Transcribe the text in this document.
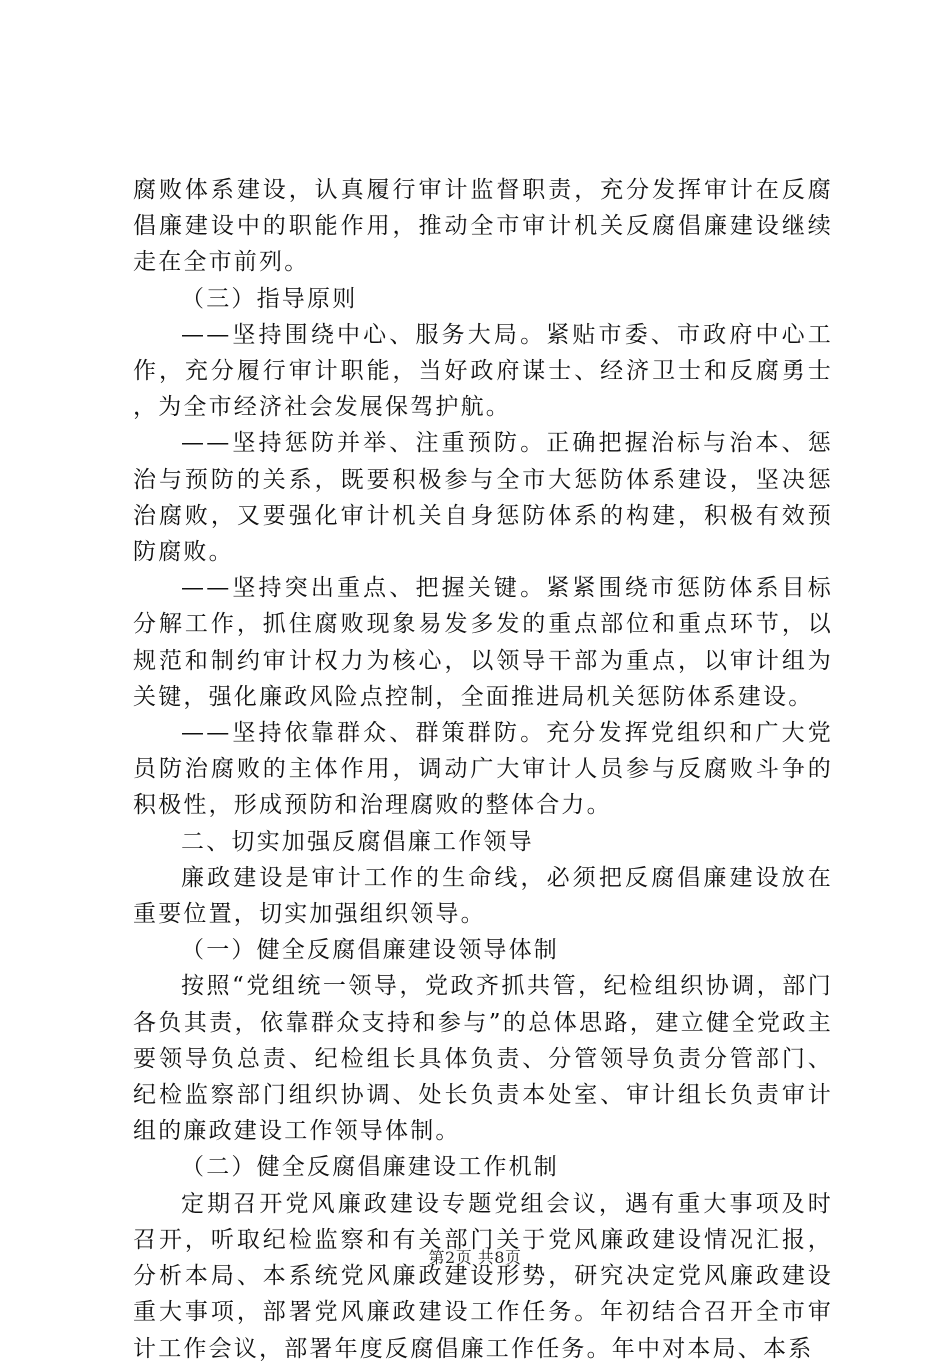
腐败体系建设，认真履行审计监督职责，充分发挥审计在反腐倡廉建设中的职能作用，推动全市审计机关反腐倡廉建设继续走在全市前列。

（三）指导原则

——坚持围绕中心、服务大局。紧贴市委、市政府中心工作，充分履行审计职能，当好政府谋士、经济卫士和反腐勇士，为全市经济社会发展保驾护航。

——坚持惩防并举、注重预防。正确把握治标与治本、惩治与预防的关系，既要积极参与全市大惩防体系建设，坚决惩治腐败，又要强化审计机关自身惩防体系的构建，积极有效预防腐败。

——坚持突出重点、把握关键。紧紧围绕市惩防体系目标分解工作，抓住腐败现象易发多发的重点部位和重点环节，以规范和制约审计权力为核心，以领导干部为重点，以审计组为关键，强化廉政风险点控制，全面推进局机关惩防体系建设。

——坚持依靠群众、群策群防。充分发挥党组织和广大党员防治腐败的主体作用，调动广大审计人员参与反腐败斗争的积极性，形成预防和治理腐败的整体合力。

二、切实加强反腐倡廉工作领导

廉政建设是审计工作的生命线，必须把反腐倡廉建设放在重要位置，切实加强组织领导。

（一）健全反腐倡廉建设领导体制

按照“党组统一领导，党政齐抓共管，纪检组织协调，部门各负其责，依靠群众支持和参与”的总体思路，建立健全党政主要领导负总责、纪检组长具体负责、分管领导负责分管部门、纪检监察部门组织协调、处长负责本处室、审计组长负责审计组的廉政建设工作领导体制。

（二）健全反腐倡廉建设工作机制

定期召开党风廉政建设专题党组会议，遇有重大事项及时召开，听取纪检监察和有关部门关于党风廉政建设情况汇报，分析本局、本系统党风廉政建设形势，研究决定党风廉政建设重大事项，部署党风廉政建设工作任务。年初结合召开全市审计工作会议，部署年度反腐倡廉工作任务。年中对本局、本系

第2页 共8页
